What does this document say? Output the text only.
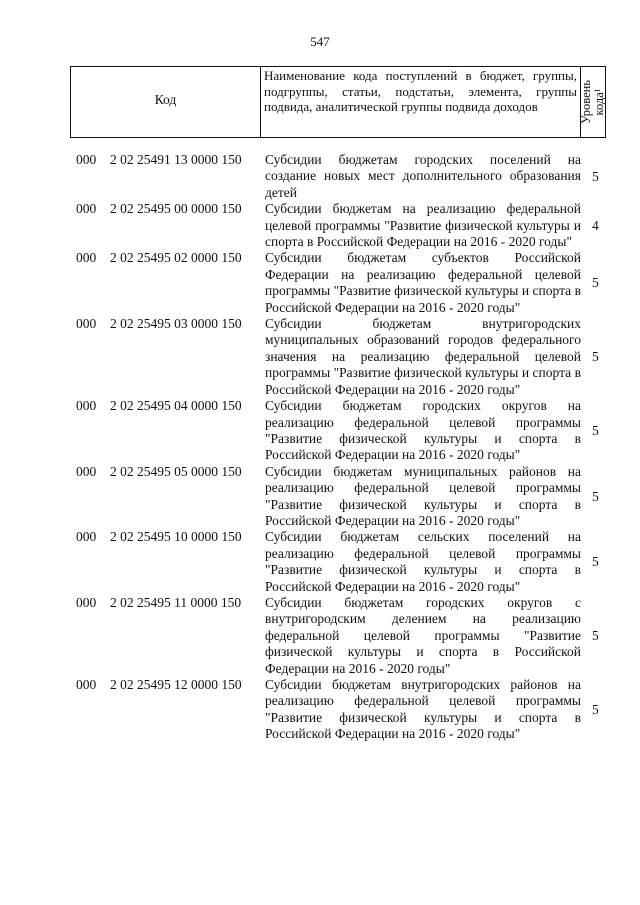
547
Код
Наименование кода поступлений в бюджет, группы, подгруппы, статьи, подстатьи, элемента, группы подвида, аналитической группы подвида доходов	Уровень
кода¹
000 2 02 25491 13 0000 150 Субсидии бюджетам городских поселений на создание новых мест дополнительного образования детей
5
000 2 02 25495 00 0000 150 Субсидии бюджетам на реализацию федеральной целевой программы "Развитие физической культуры и спорта в Российской Федерации на 2016 - 2020 годы"
4
000 2 02 25495 02 0000 150 Субсидии бюджетам субъектов Российской Федерации на реализацию федеральной целевой программы "Развитие физической культуры и спорта в Российской Федерации на 2016 - 2020 годы"
5
000 2 02 25495 03 0000 150 Субсидии бюджетам внутригородских муниципальных образований городов федерального значения на реализацию федеральной целевой программы "Развитие физической культуры и спорта в Российской Федерации на 2016 - 2020 годы"
5
000 2 02 25495 04 0000 150 Субсидии бюджетам городских округов на реализацию федеральной целевой программы "Развитие физической культуры и спорта в Российской Федерации на 2016 - 2020 годы"
5
000 2 02 25495 05 0000 150 Субсидии бюджетам муниципальных районов на реализацию федеральной целевой программы "Развитие физической культуры и спорта в Российской Федерации на 2016 - 2020 годы"
5
000 2 02 25495 10 0000 150 Субсидии бюджетам сельских поселений на реализацию федеральной целевой программы "Развитие физической культуры и спорта в Российской Федерации на 2016 - 2020 годы"
5
000 2 02 25495 11 0000 150 Субсидии бюджетам городских округов с внутригородским делением на реализацию федеральной целевой программы "Развитие физической культуры и спорта в Российской Федерации на 2016 - 2020 годы"
5
000 2 02 25495 12 0000 150 Субсидии бюджетам внутригородских районов на реализацию федеральной целевой программы "Развитие физической культуры и спорта в Российской Федерации на 2016 - 2020 годы"
5
